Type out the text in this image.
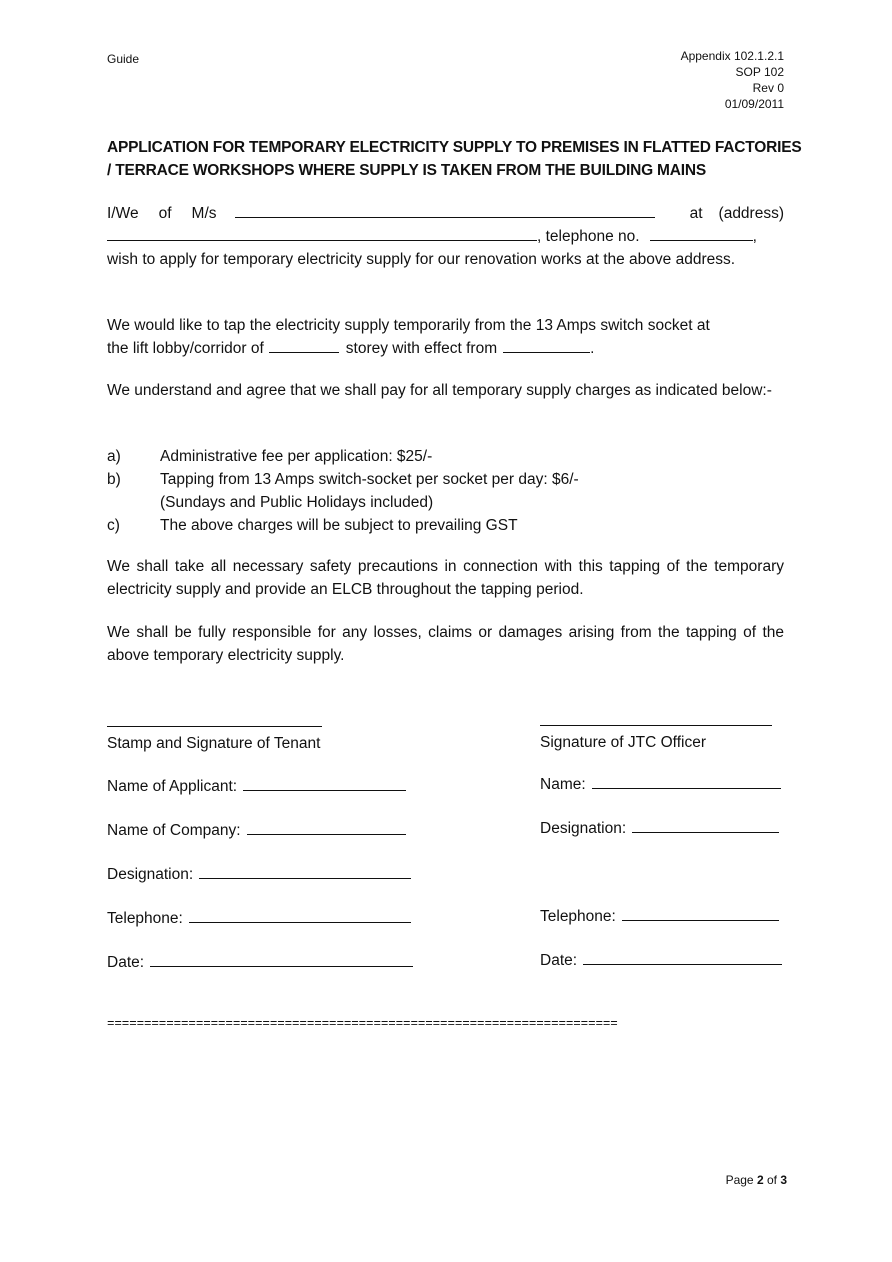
Guide	Appendix 102.1.2.1
SOP 102
Rev 0
01/09/2011
APPLICATION FOR TEMPORARY ELECTRICITY SUPPLY TO PREMISES IN FLATTED FACTORIES
/ TERRACE WORKSHOPS WHERE SUPPLY IS TAKEN FROM THE BUILDING MAINS
I/We of M/s	at (address)
, telephone no.	,
wish to apply for temporary electricity supply for our renovation works at the above address.
We would like to tap the electricity supply temporarily from the 13 Amps switch socket at
the lift lobby/corridor of	storey with effect from	.
We understand and agree that we shall pay for all temporary supply charges as indicated below:-
a)	Administrative fee per application: $25/-
b)	Tapping from 13 Amps switch-socket per socket per day: $6/-
(Sundays and Public Holidays included)
c)	The above charges will be subject to prevailing GST
We shall take all necessary safety precautions in connection with this tapping of the temporary electricity supply and provide an ELCB throughout the tapping period.
We shall be fully responsible for any losses, claims or damages arising from the tapping of the above temporary electricity supply.
Stamp and Signature of Tenant
Name of Applicant:
Name of Company:
Designation:
Telephone:
Date:
Signature of JTC Officer
Name:
Designation:
Telephone:
Date:
=====================================================================
Page 2 of 3
